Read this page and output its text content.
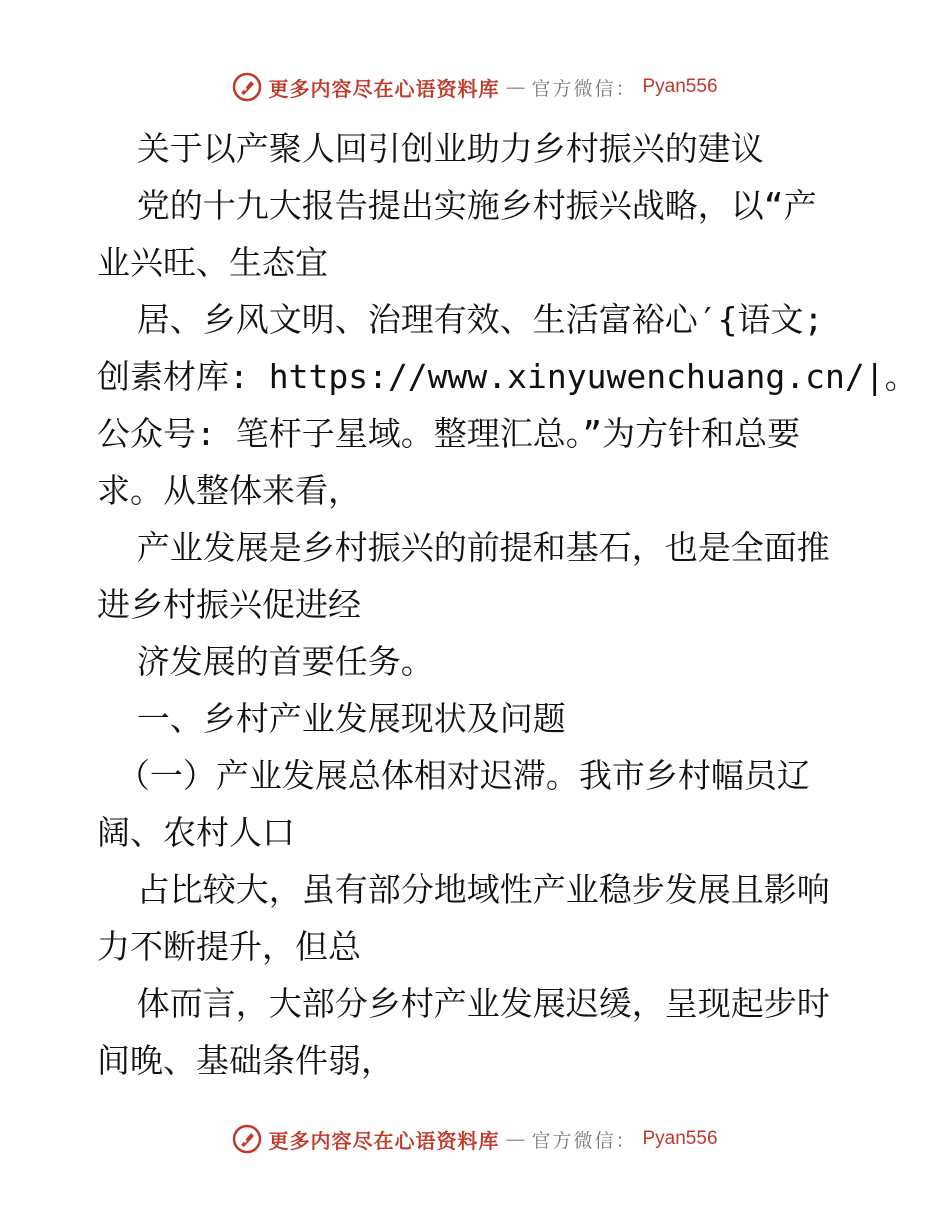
更多内容尽在心语资料库 — 官方微信： Pyan556
关于以产聚人回引创业助力乡村振兴的建议
党的十九大报告提出实施乡村振兴战略，以“产
业兴旺、生态宜
居、乡风文明、治理有效、生活富裕心′{语文;
创素材库: https://www.xinyuwenchuang.cn/|。
公众号: 笔杆子星域。整理汇总。”为方针和总要
求。从整体来看，
产业发展是乡村振兴的前提和基石，也是全面推
进乡村振兴促进经
济发展的首要任务。
一、乡村产业发展现状及问题
（一）产业发展总体相对迟滞。我市乡村幅员辽
阔、农村人口
占比较大，虽有部分地域性产业稳步发展且影响
力不断提升，但总
体而言，大部分乡村产业发展迟缓，呈现起步时
间晚、基础条件弱，
更多内容尽在心语资料库 — 官方微信： Pyan556
